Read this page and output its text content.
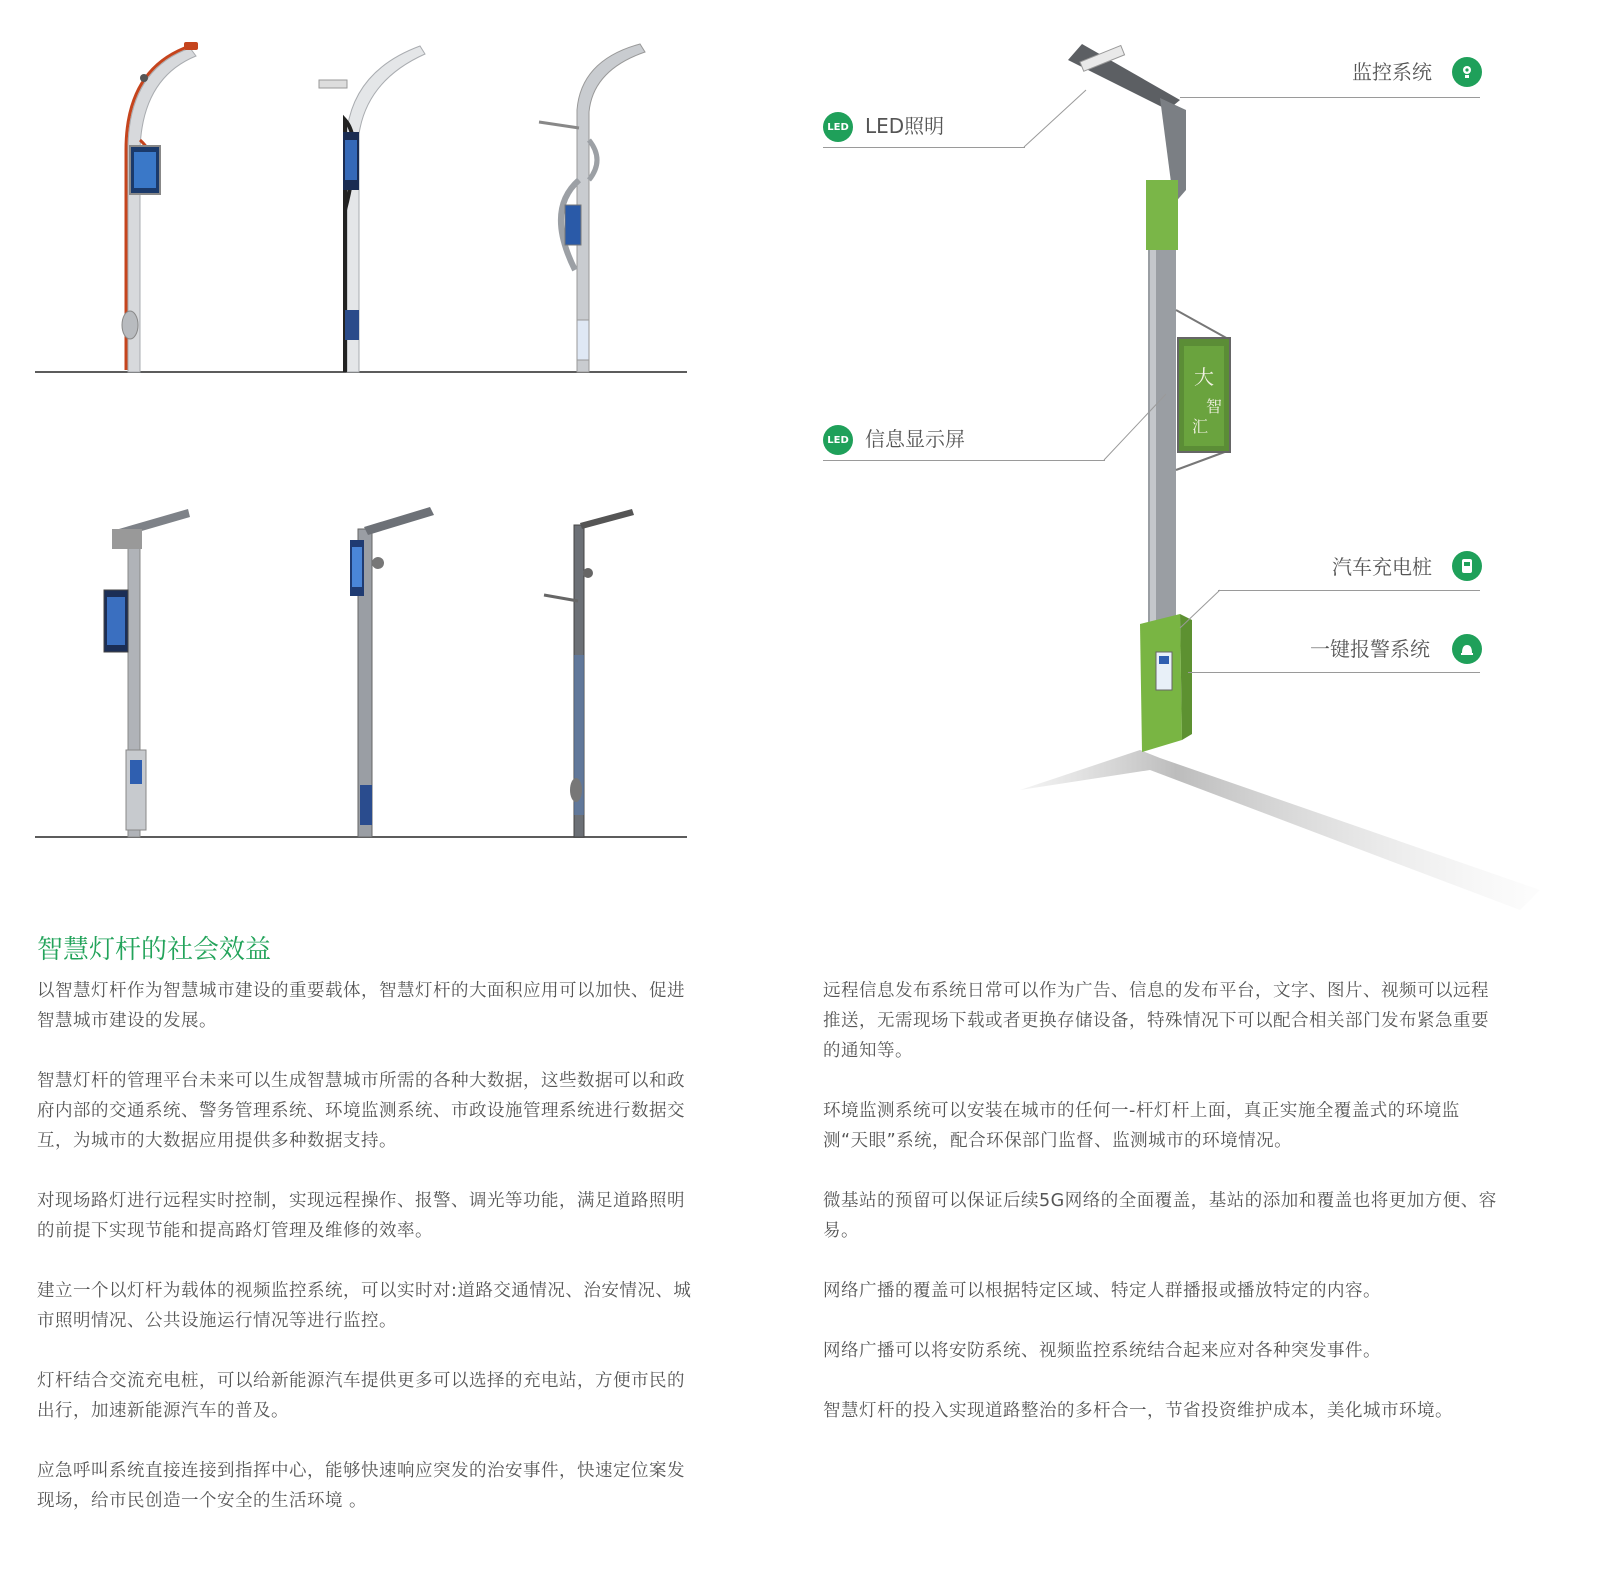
大
智
汇
监控系统
LED LED照明
LED 信息显示屏
汽车充电桩
一键报警系统
智慧灯杆的社会效益
以智慧灯杆作为智慧城市建设的重要载体，智慧灯杆的大面积应用可以加快、促进智慧城市建设的发展。
智慧灯杆的管理平台未来可以生成智慧城市所需的各种大数据，这些数据可以和政府内部的交通系统、警务管理系统、环境监测系统、市政设施管理系统进行数据交互，为城市的大数据应用提供多种数据支持。
对现场路灯进行远程实时控制，实现远程操作、报警、调光等功能，满足道路照明的前提下实现节能和提高路灯管理及维修的效率。
建立一个以灯杆为载体的视频监控系统，可以实时对:道路交通情况、治安情况、城市照明情况、公共设施运行情况等进行监控。
灯杆结合交流充电桩，可以给新能源汽车提供更多可以选择的充电站，方便市民的出行，加速新能源汽车的普及。
应急呼叫系统直接连接到指挥中心，能够快速响应突发的治安事件，快速定位案发现场，给市民创造一个安全的生活环境 。
远程信息发布系统日常可以作为广告、信息的发布平台，文字、图片、视频可以远程推送，无需现场下载或者更换存储设备，特殊情况下可以配合相关部门发布紧急重要的通知等。
环境监测系统可以安装在城市的任何一-杆灯杆上面，真正实施全覆盖式的环境监测“天眼”系统，配合环保部门监督、监测城市的环境情况。
微基站的预留可以保证后续5G网络的全面覆盖，基站的添加和覆盖也将更加方便、容易。
网络广播的覆盖可以根据特定区域、特定人群播报或播放特定的内容。
网络广播可以将安防系统、视频监控系统结合起来应对各种突发事件。
智慧灯杆的投入实现道路整治的多杆合一，节省投资维护成本，美化城市环境。
